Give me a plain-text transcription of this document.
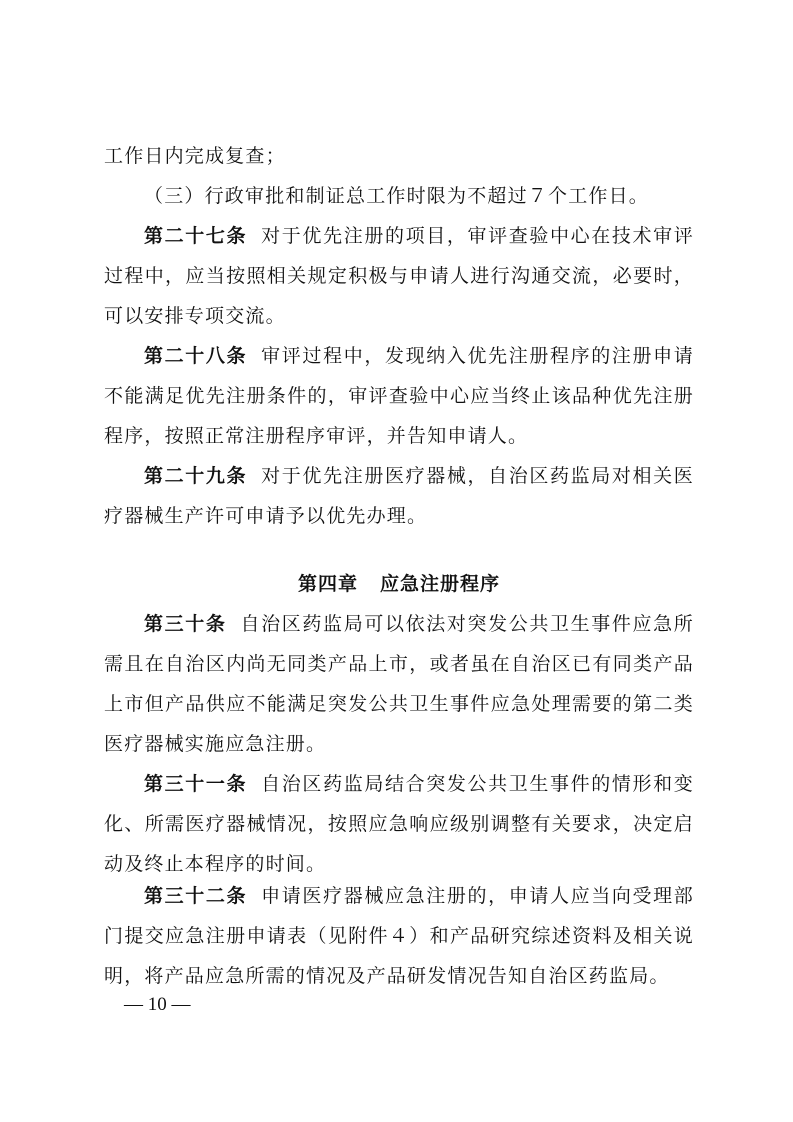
工作日内完成复查；
（三）行政审批和制证总工作时限为不超过７个工作日。
第二十七条 对于优先注册的项目，审评查验中心在技术审评过程中，应当按照相关规定积极与申请人进行沟通交流，必要时，可以安排专项交流。
第二十八条 审评过程中，发现纳入优先注册程序的注册申请不能满足优先注册条件的，审评查验中心应当终止该品种优先注册程序，按照正常注册程序审评，并告知申请人。
第二十九条 对于优先注册医疗器械，自治区药监局对相关医疗器械生产许可申请予以优先办理。
第四章 应急注册程序
第三十条 自治区药监局可以依法对突发公共卫生事件应急所需且在自治区内尚无同类产品上市，或者虽在自治区已有同类产品上市但产品供应不能满足突发公共卫生事件应急处理需要的第二类医疗器械实施应急注册。
第三十一条 自治区药监局结合突发公共卫生事件的情形和变化、所需医疗器械情况，按照应急响应级别调整有关要求，决定启动及终止本程序的时间。
第三十二条 申请医疗器械应急注册的，申请人应当向受理部门提交应急注册申请表（见附件４）和产品研究综述资料及相关说明，将产品应急所需的情况及产品研发情况告知自治区药监局。
— 10 —
